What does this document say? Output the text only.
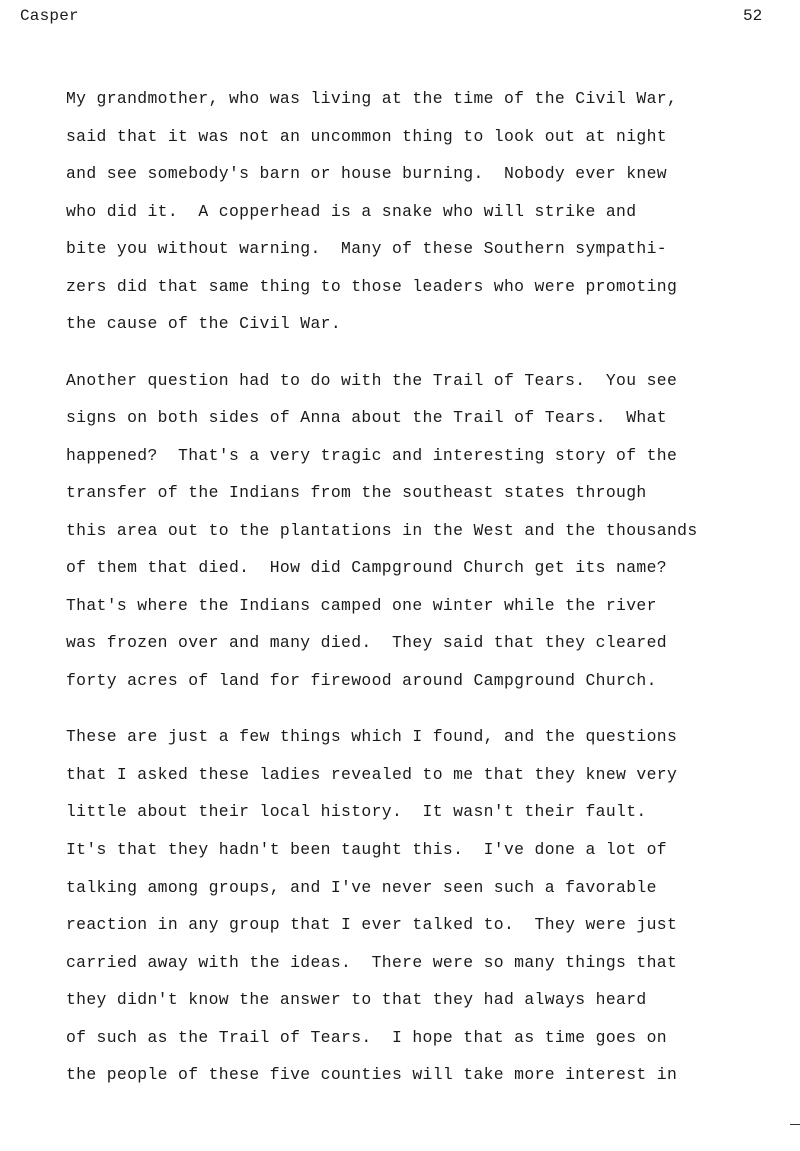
Casper	52
My grandmother, who was living at the time of the Civil War,
said that it was not an uncommon thing to look out at night
and see somebody's barn or house burning.  Nobody ever knew
who did it.  A copperhead is a snake who will strike and
bite you without warning.  Many of these Southern sympathi-
zers did that same thing to those leaders who were promoting
the cause of the Civil War.
Another question had to do with the Trail of Tears.  You see
signs on both sides of Anna about the Trail of Tears.  What
happened?  That's a very tragic and interesting story of the
transfer of the Indians from the southeast states through
this area out to the plantations in the West and the thousands
of them that died.  How did Campground Church get its name?
That's where the Indians camped one winter while the river
was frozen over and many died.  They said that they cleared
forty acres of land for firewood around Campground Church.
These are just a few things which I found, and the questions
that I asked these ladies revealed to me that they knew very
little about their local history.  It wasn't their fault.
It's that they hadn't been taught this.  I've done a lot of
talking among groups, and I've never seen such a favorable
reaction in any group that I ever talked to.  They were just
carried away with the ideas.  There were so many things that
they didn't know the answer to that they had always heard
of such as the Trail of Tears.  I hope that as time goes on
the people of these five counties will take more interest in
